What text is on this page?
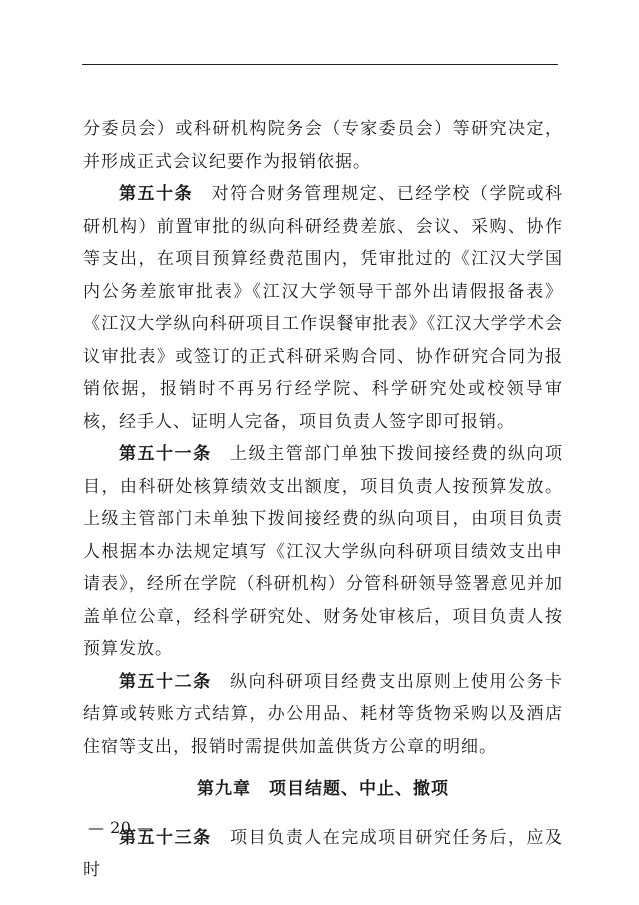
分委员会）或科研机构院务会（专家委员会）等研究决定，并形成正式会议纪要作为报销依据。

第五十条　对符合财务管理规定、已经学校（学院或科研机构）前置审批的纵向科研经费差旅、会议、采购、协作等支出，在项目预算经费范围内，凭审批过的《江汉大学国内公务差旅审批表》《江汉大学领导干部外出请假报备表》《江汉大学纵向科研项目工作误餐审批表》《江汉大学学术会议审批表》或签订的正式科研采购合同、协作研究合同为报销依据，报销时不再另行经学院、科学研究处或校领导审核，经手人、证明人完备，项目负责人签字即可报销。

第五十一条　上级主管部门单独下拨间接经费的纵向项目，由科研处核算绩效支出额度，项目负责人按预算发放。上级主管部门未单独下拨间接经费的纵向项目，由项目负责人根据本办法规定填写《江汉大学纵向科研项目绩效支出申请表》，经所在学院（科研机构）分管科研领导签署意见并加盖单位公章，经科学研究处、财务处审核后，项目负责人按预算发放。

第五十二条　纵向科研项目经费支出原则上使用公务卡结算或转账方式结算，办公用品、耗材等货物采购以及酒店住宿等支出，报销时需提供加盖供货方公章的明细。

第九章　项目结题、中止、撤项

第五十三条　项目负责人在完成项目研究任务后，应及时

— 20 —
